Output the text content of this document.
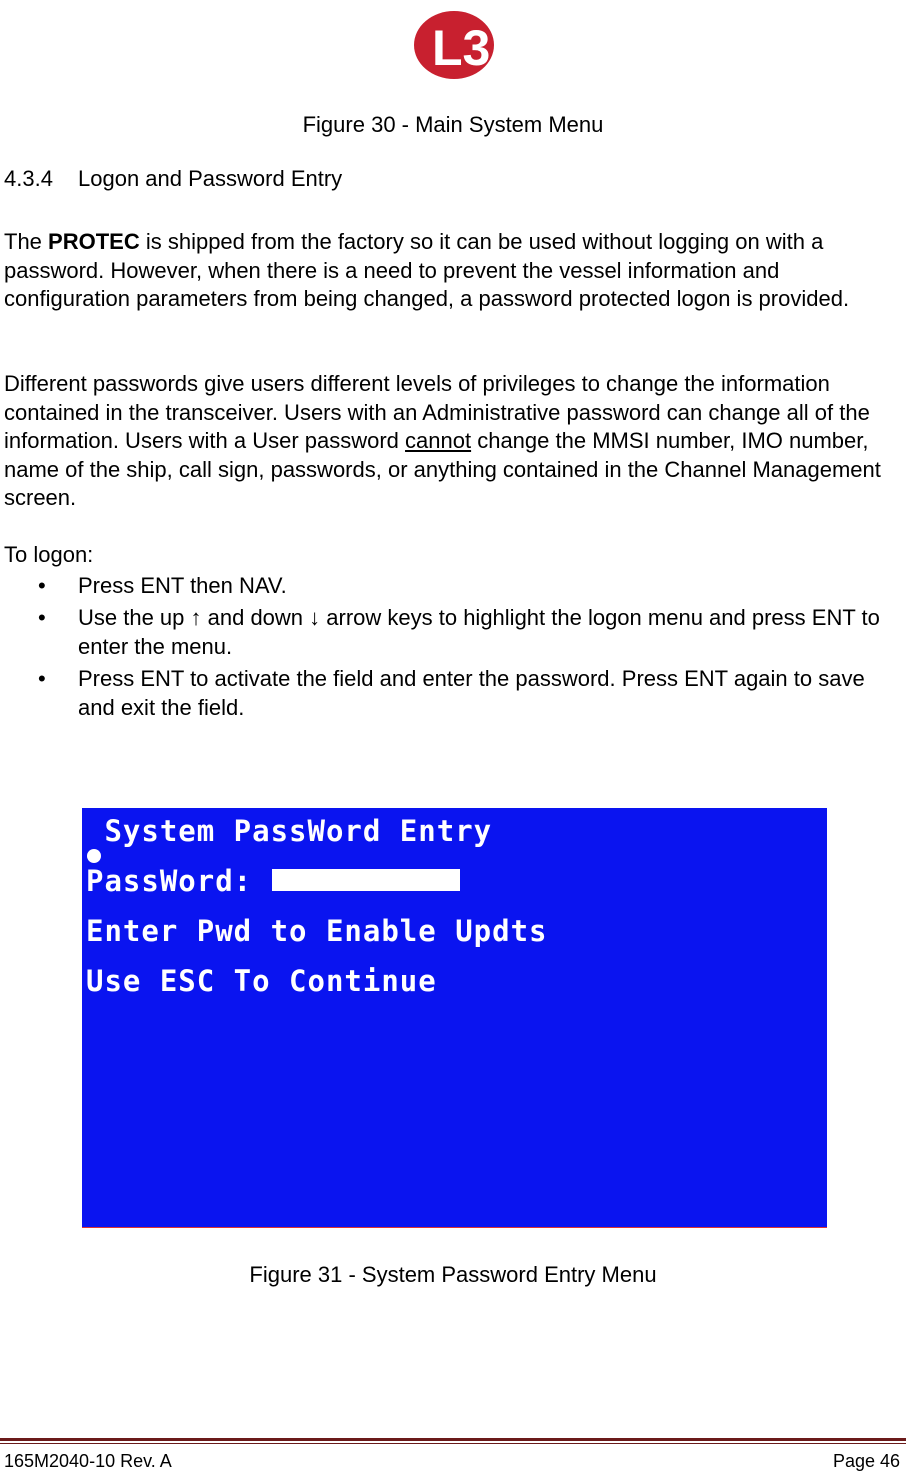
L3
Figure 30 - Main System Menu
4.3.4 Logon and Password Entry

The PROTEC is shipped from the factory so it can be used without logging on with a password. However, when there is a need to prevent the vessel information and configuration parameters from being changed, a password protected logon is provided.

Different passwords give users different levels of privileges to change the information contained in the transceiver. Users with an Administrative password can change all of the information. Users with a User password cannot change the MMSI number, IMO number, name of the ship, call sign, passwords, or anything contained in the Channel Management screen.

To logon:
• Press ENT then NAV.
• Use the up ↑ and down ↓ arrow keys to highlight the logon menu and press ENT to enter the menu.
• Press ENT to activate the field and enter the password. Press ENT again to save and exit the field.
System PassWord Entry
PassWord:
Enter Pwd to Enable Updts
Use ESC To Continue
Figure 31 - System Password Entry Menu
165M2040-10 Rev. A	Page 46
